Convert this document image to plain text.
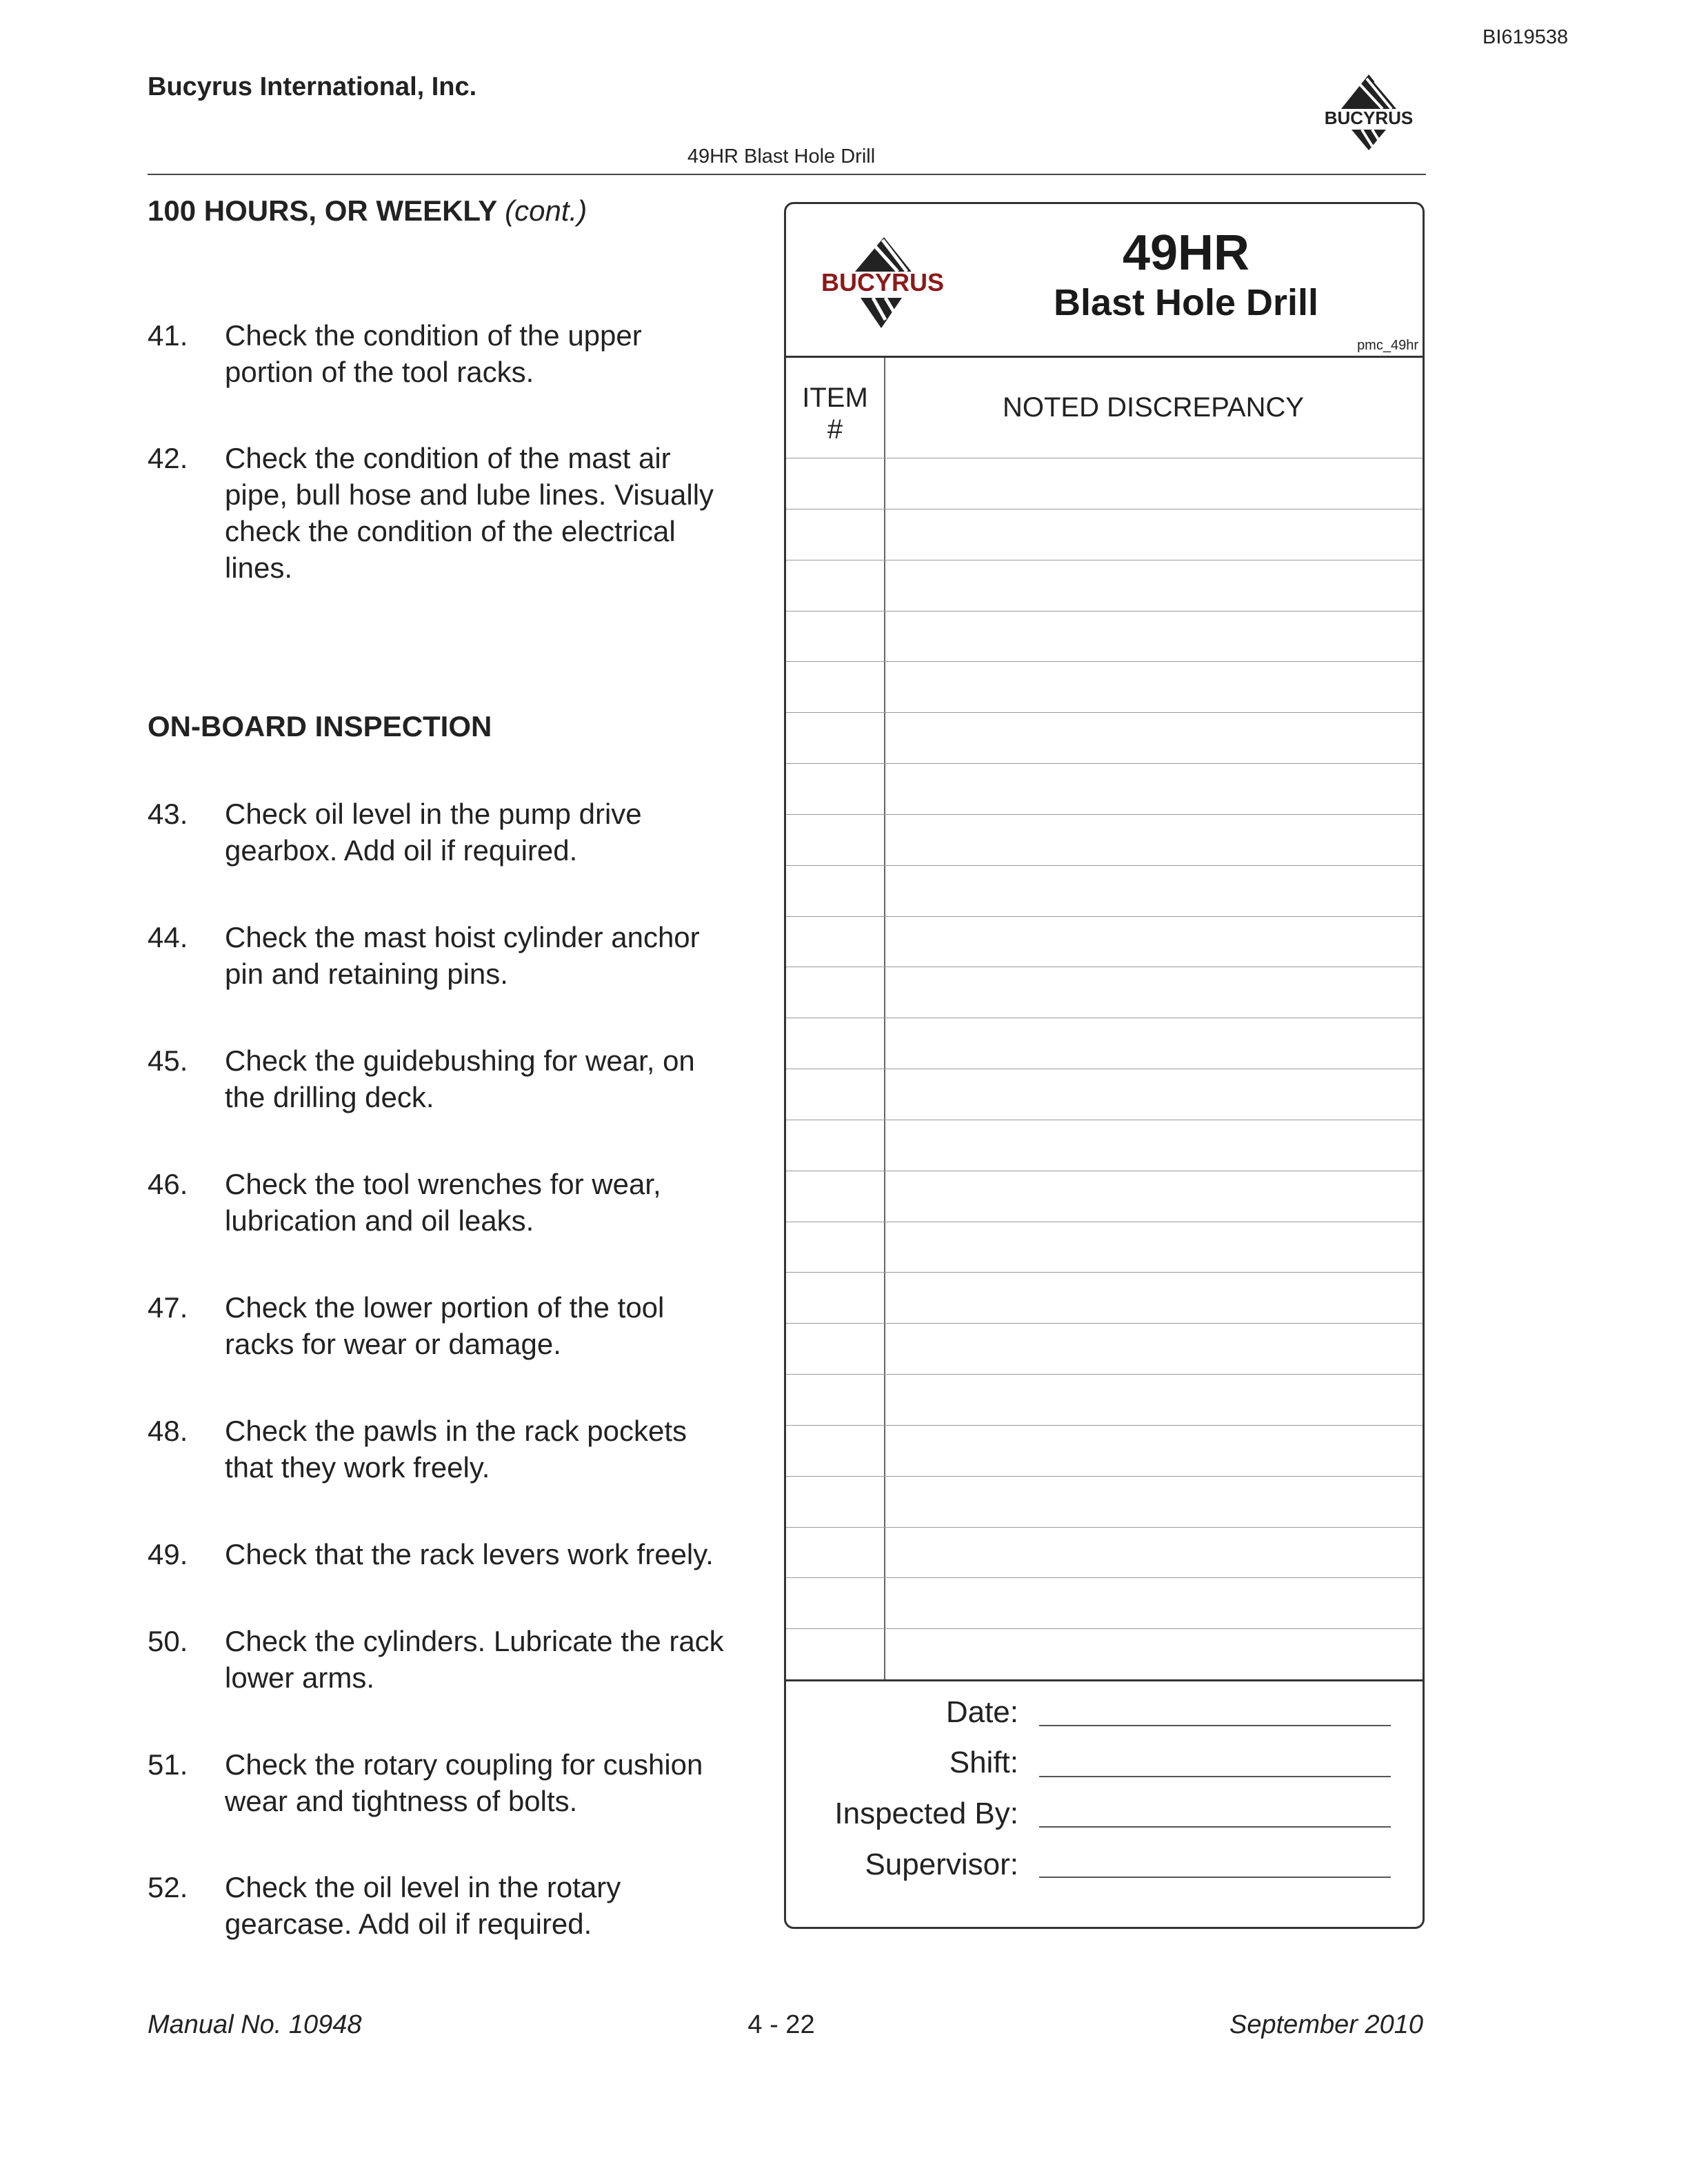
BI619538
Bucyrus International, Inc.
BUCYRUS
49HR Blast Hole Drill
100 HOURS, OR WEEKLY (cont.)
41. Check the condition of the upper
portion of the tool racks.
42. Check the condition of the mast air
pipe, bull hose and lube lines. Visually
check the condition of the electrical
lines.
ON-BOARD INSPECTION
43. Check oil level in the pump drive
gearbox. Add oil if required.
44. Check the mast hoist cylinder anchor
pin and retaining pins.
45. Check the guidebushing for wear, on
the drilling deck.
46. Check the tool wrenches for wear,
lubrication and oil leaks.
47. Check the lower portion of the tool
racks for wear or damage.
48. Check the pawls in the rack pockets
that they work freely.
49. Check that the rack levers work freely.
50. Check the cylinders. Lubricate the rack
lower arms.
51. Check the rotary coupling for cushion
wear and tightness of bolts.
52. Check the oil level in the rotary
gearcase. Add oil if required.
BUCYRUS
49HR
Blast Hole Drill
pmc_49hr
ITEM
#
NOTED DISCREPANCY
Date:
Shift:
Inspected By:
Supervisor:
Manual No. 10948	4 - 22	September 2010
